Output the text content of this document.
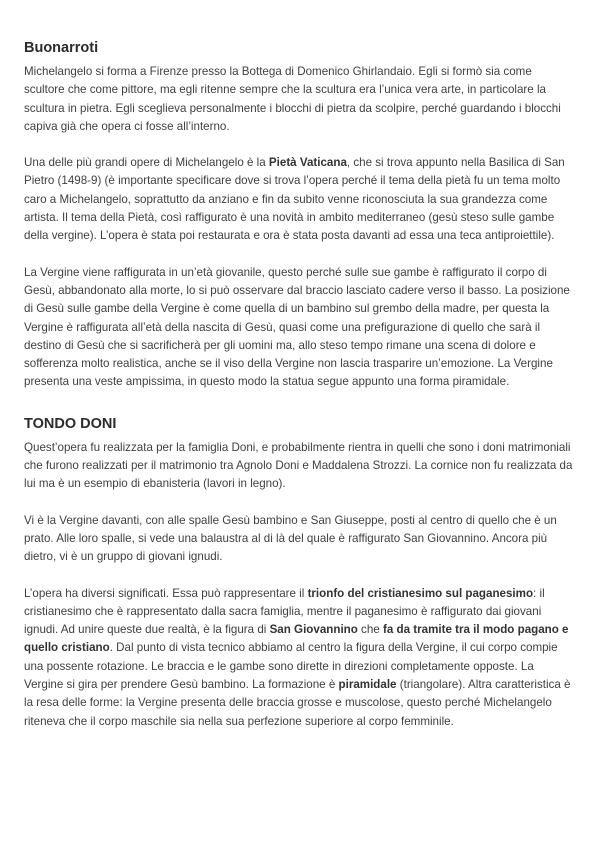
Buonarroti

Michelangelo si forma a Firenze presso la Bottega di Domenico Ghirlandaio. Egli si formò sia come scultore che come pittore, ma egli ritenne sempre che la scultura era l’unica vera arte, in particolare la scultura in pietra. Egli sceglieva personalmente i blocchi di pietra da scolpire, perché guardando i blocchi capiva già che opera ci fosse all’interno.

Una delle più grandi opere di Michelangelo è la Pietà Vaticana, che si trova appunto nella Basilica di San Pietro (1498-9) (è importante specificare dove si trova l’opera perché il tema della pietà fu un tema molto caro a Michelangelo, soprattutto da anziano e fin da subito venne riconosciuta la sua grandezza come artista. Il tema della Pietà, così raffigurato è una novità in ambito mediterraneo (gesù steso sulle gambe della vergine). L’opera è stata poi restaurata e ora è stata posta davanti ad essa una teca antiproiettile).

La Vergine viene raffigurata in un’età giovanile, questo perché sulle sue gambe è raffigurato il corpo di Gesù, abbandonato alla morte, lo si può osservare dal braccio lasciato cadere verso il basso. La posizione di Gesù sulle gambe della Vergine è come quella di un bambino sul grembo della madre, per questa la Vergine è raffigurata all’età della nascita di Gesù, quasi come una prefigurazione di quello che sarà il destino di Gesù che si sacrificherà per gli uomini ma, allo steso tempo rimane una scena di dolore e sofferenza molto realistica, anche se il viso della Vergine non lascia trasparire un’emozione. La Vergine presenta una veste ampissima, in questo modo la statua segue appunto una forma piramidale.

TONDO DONI

Quest’opera fu realizzata per la famiglia Doni, e probabilmente rientra in quelli che sono i doni matrimoniali che furono realizzati per il matrimonio tra Agnolo Doni e Maddalena Strozzi. La cornice non fu realizzata da lui ma è un esempio di ebanisteria (lavori in legno).

Vi è la Vergine davanti, con alle spalle Gesù bambino e San Giuseppe, posti al centro di quello che è un prato. Alle loro spalle, si vede una balaustra al di là del quale è raffigurato San Giovannino. Ancora più dietro, vi è un gruppo di giovani ignudi.

L’opera ha diversi significati. Essa può rappresentare il trionfo del cristianesimo sul paganesimo: il cristianesimo che è rappresentato dalla sacra famiglia, mentre il paganesimo è raffigurato dai giovani ignudi. Ad unire queste due realtà, è la figura di San Giovannino che fa da tramite tra il modo pagano e quello cristiano. Dal punto di vista tecnico abbiamo al centro la figura della Vergine, il cui corpo compie una possente rotazione. Le braccia e le gambe sono dirette in direzioni completamente opposte. La Vergine si gira per prendere Gesù bambino. La formazione è piramidale (triangolare). Altra caratteristica è la resa delle forme: la Vergine presenta delle braccia grosse e muscolose, questo perché Michelangelo riteneva che il corpo maschile sia nella sua perfezione superiore al corpo femminile.
